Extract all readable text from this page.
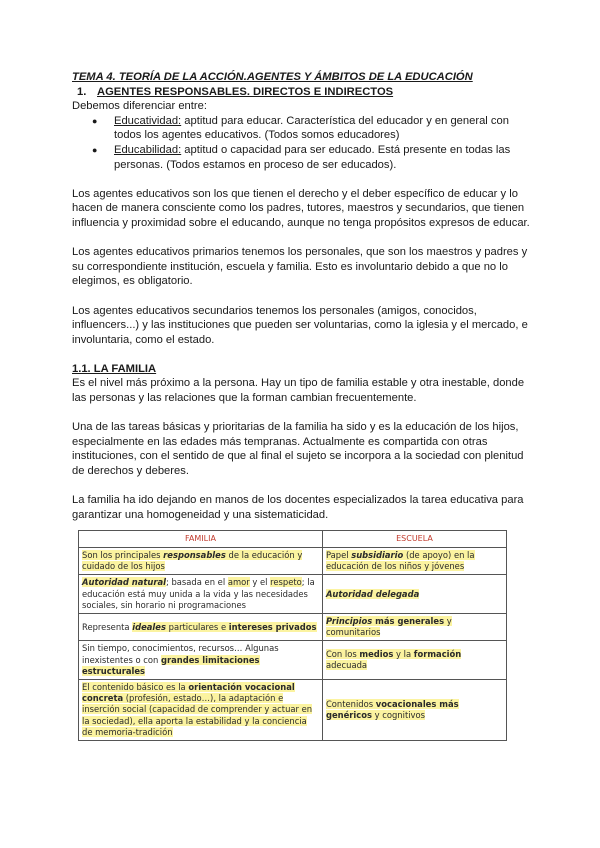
TEMA 4. TEORÍA DE LA ACCIÓN.AGENTES Y ÁMBITOS DE LA EDUCACIÓN

1. AGENTES RESPONSABLES. DIRECTOS E INDIRECTOS

Debemos diferenciar entre:

● Educatividad: aptitud para educar. Característica del educador y en general con todos los agentes educativos. (Todos somos educadores)
● Educabilidad: aptitud o capacidad para ser educado. Está presente en todas las personas. (Todos estamos en proceso de ser educados).

Los agentes educativos son los que tienen el derecho y el deber específico de educar y lo hacen de manera consciente como los padres, tutores, maestros y secundarios, que tienen influencia y proximidad sobre el educando, aunque no tenga propósitos expresos de educar.

Los agentes educativos primarios tenemos los personales, que son los maestros y padres y su correspondiente institución, escuela y familia. Esto es involuntario debido a que no lo elegimos, es obligatorio.

Los agentes educativos secundarios tenemos los personales (amigos, conocidos, influencers...) y las instituciones que pueden ser voluntarias, como la iglesia y el mercado, e involuntaria, como el estado.

1.1. LA FAMILIA

Es el nivel más próximo a la persona. Hay un tipo de familia estable y otra inestable, donde las personas y las relaciones que la forman cambian frecuentemente.

Una de las tareas básicas y prioritarias de la familia ha sido y es la educación de los hijos, especialmente en las edades más tempranas. Actualmente es compartida con otras instituciones, con el sentido de que al final el sujeto se incorpora a la sociedad con plenitud de derechos y deberes.

La familia ha ido dejando en manos de los docentes especializados la tarea educativa para garantizar una homogeneidad y una sistematicidad.

FAMILIA	ESCUELA
Son los principales responsables de la educación y cuidado de los hijos	Papel subsidiario (de apoyo) en la educación de los niños y jóvenes
Autoridad natural; basada en el amor y el respeto; la educación está muy unida a la vida y las necesidades sociales, sin horario ni programaciones	Autoridad delegada
Representa ideales particulares e intereses privados	Principios más generales y comunitarios
Sin tiempo, conocimientos, recursos… Algunas inexistentes o con grandes limitaciones estructurales	Con los medios y la formación adecuada
El contenido básico es la orientación vocacional concreta (profesión, estado…), la adaptación e inserción social (capacidad de comprender y actuar en la sociedad), ella aporta la estabilidad y la conciencia de memoria-tradición	Contenidos vocacionales más genéricos y cognitivos
